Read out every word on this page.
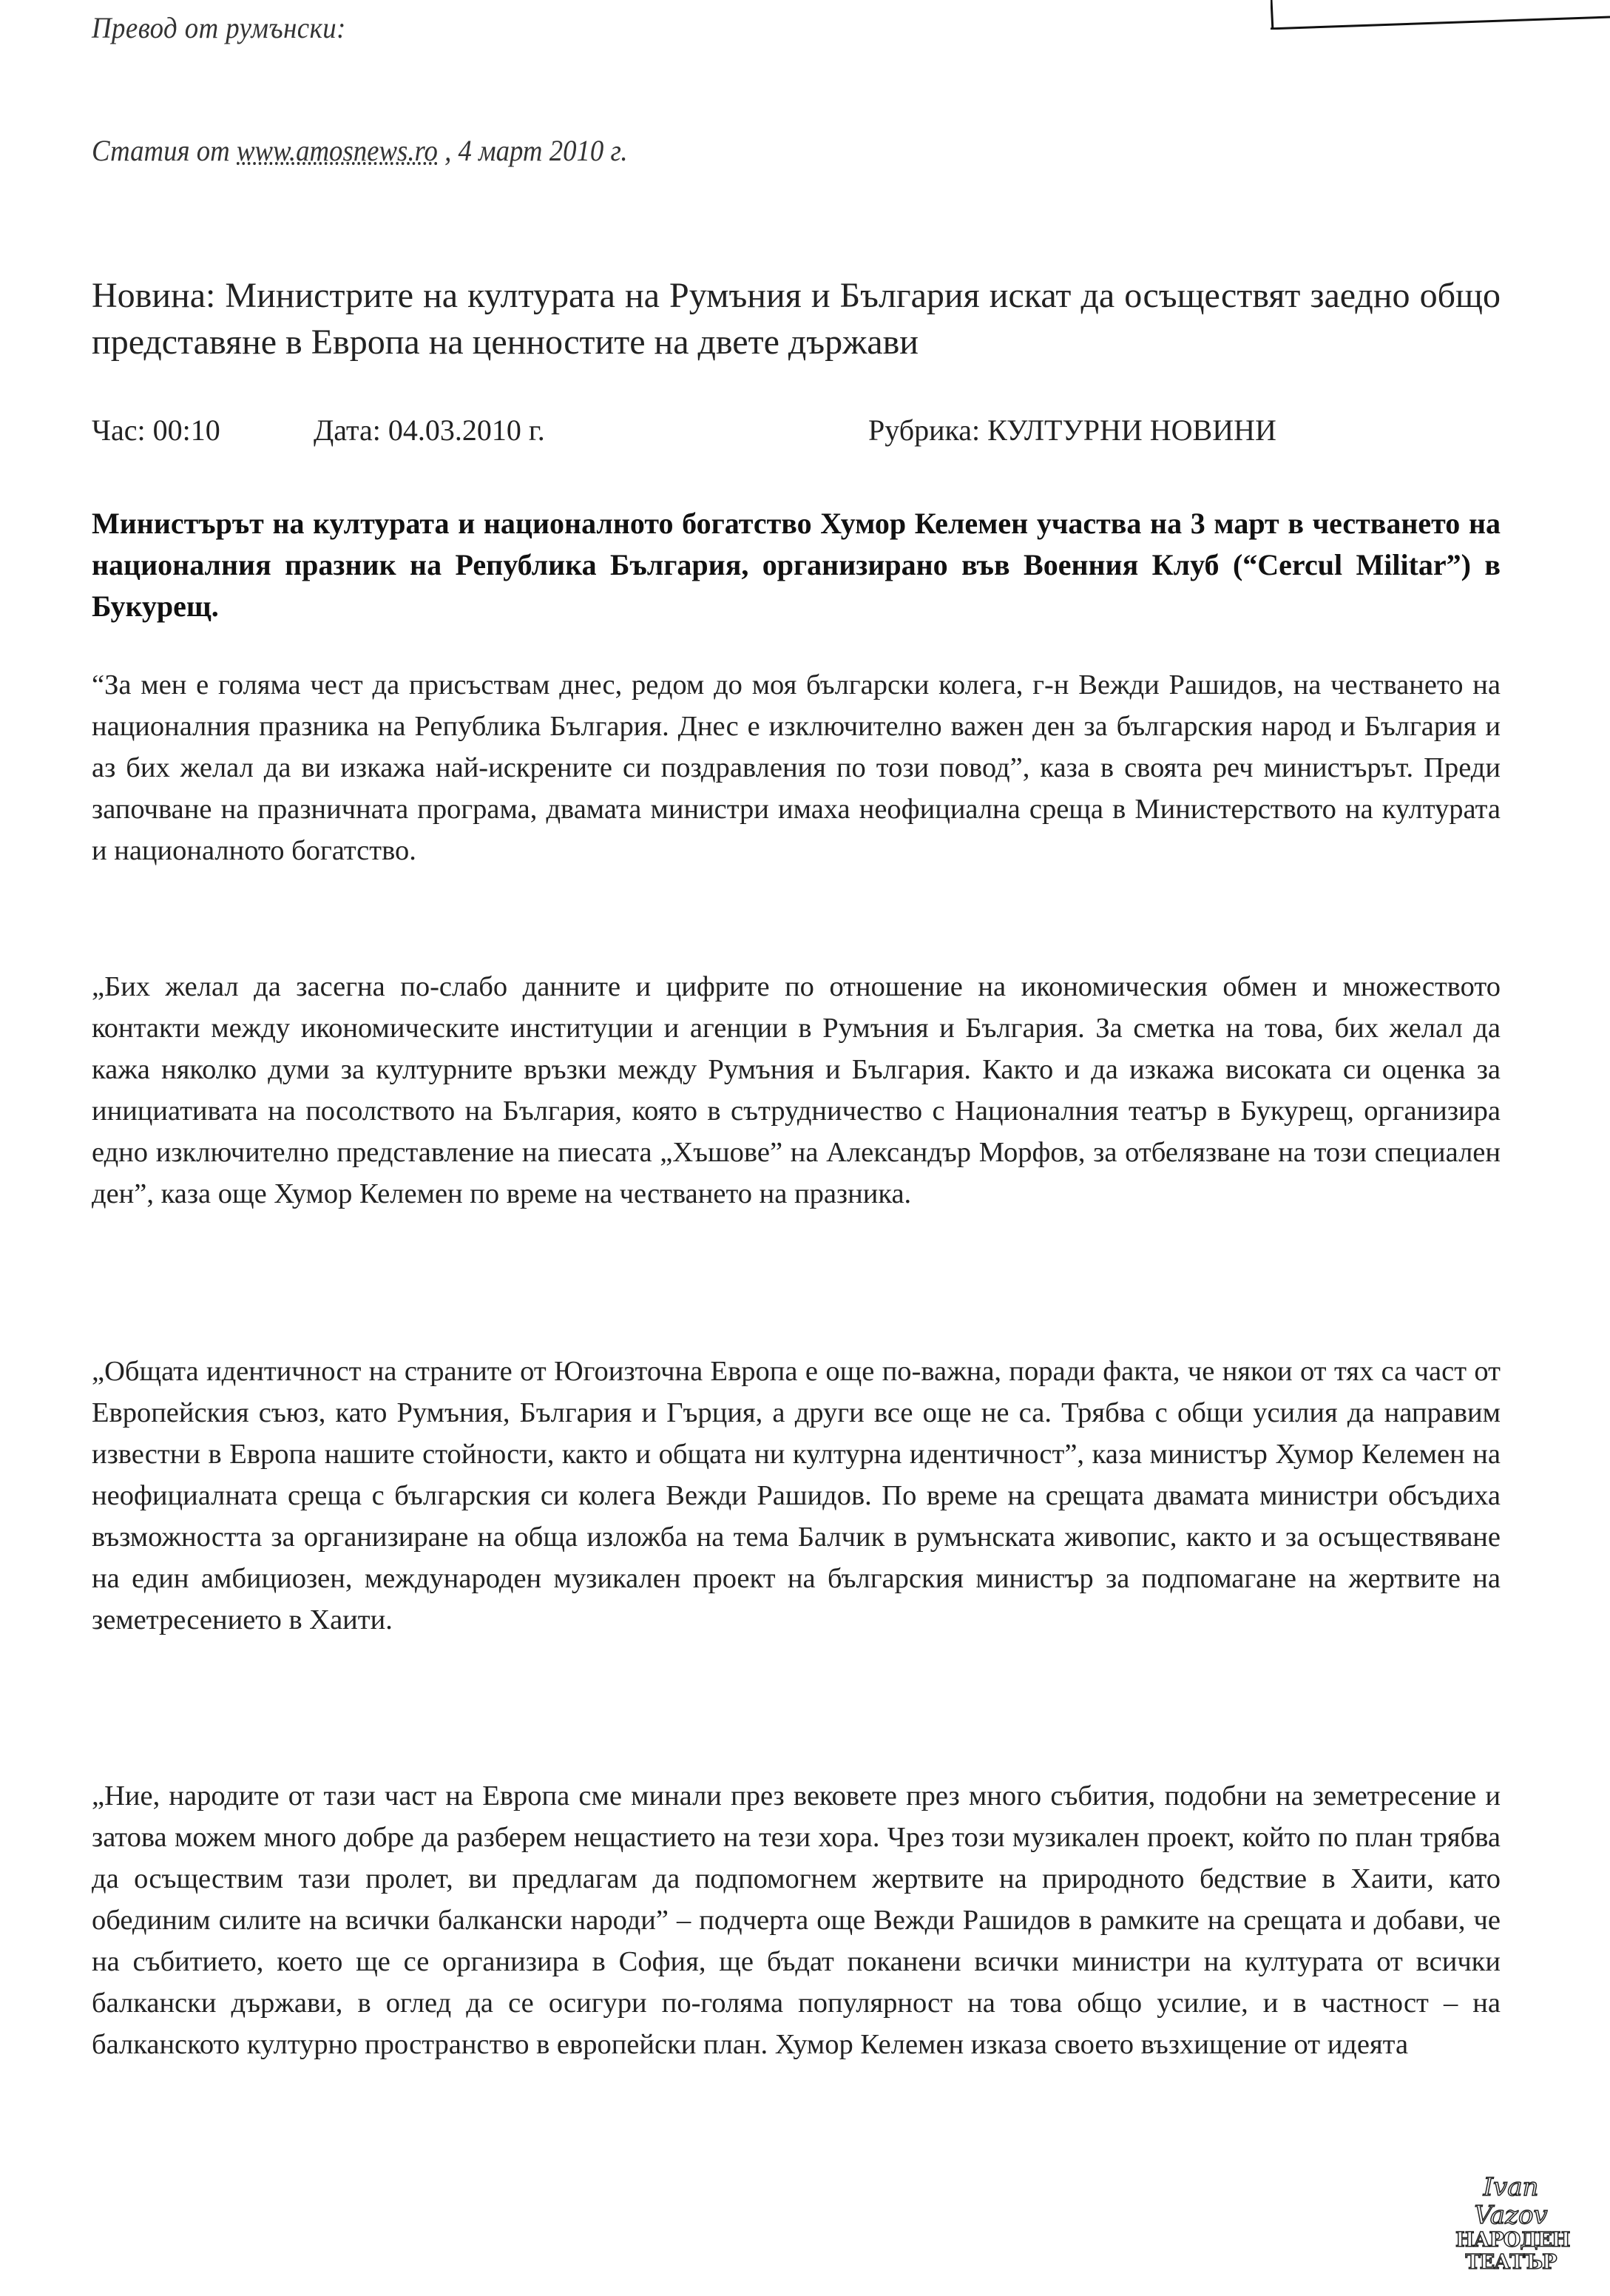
Превод от румънски:
Статия от www.amosnews.ro , 4 март 2010 г.
Новина: Министрите на културата на Румъния и България искат да осъществят заедно общо представяне в Европа на ценностите на двете държави
Час: 00:10	Дата: 04.03.2010 г.	Рубрика: КУЛТУРНИ НОВИНИ
Министърът на културата и националното богатство Хумор Келемен участва на 3 март в честването на националния празник на Република България, организирано във Военния Клуб (“Cercul Militar”) в Букурещ.

“За мен е голяма чест да присъствам днес, редом до моя български колега, г-н Вежди Рашидов, на честването на националния празника на Република България. Днес е изключително важен ден за българския народ и България и аз бих желал да ви изкажа най-искрените си поздравления по този повод”, каза в своята реч министърът. Преди започване на празничната програма, двамата министри имаха неофициална среща в Министерството на културата и националното богатство.

„Бих желал да засегна по-слабо данните и цифрите по отношение на икономическия обмен и множеството контакти между икономическите институции и агенции в Румъния и България. За сметка на това, бих желал да кажа няколко думи за културните връзки между Румъния и България. Както и да изкажа високата си оценка за инициативата на посолството на България, която в сътрудничество с Националния театър в Букурещ, организира едно изключително представление на пиесата „Хъшове” на Александър Морфов, за отбелязване на този специален ден”, каза още Хумор Келемен по време на честването на празника.

„Общата идентичност на страните от Югоизточна Европа е още по-важна, поради факта, че някои от тях са част от Европейския съюз, като Румъния, България и Гърция, а други все още не са. Трябва с общи усилия да направим известни в Европа нашите стойности, както и общата ни културна идентичност”, каза министър Хумор Келемен на неофициалната среща с българския си колега Вежди Рашидов. По време на срещата двамата министри обсъдиха възможността за организиране на обща изложба на тема Балчик в румънската живопис, както и за осъществяване на един амбициозен, международен музикален проект на българския министър за подпомагане на жертвите на земетресението в Хаити.

„Ние, народите от тази част на Европа сме минали през вековете през много събития, подобни на земетресение и затова можем много добре да разберем нещастието на тези хора. Чрез този музикален проект, който по план трябва да осъществим тази пролет, ви предлагам да подпомогнем жертвите на природното бедствие в Хаити, като обединим силите на всички балкански народи” – подчерта още Вежди Рашидов в рамките на срещата и добави, че на събитието, което ще се организира в София, ще бъдат поканени всички министри на културата от всички балкански държави, в оглед да се осигури по-голяма популярност на това общо усилие, и в частност – на балканското културно пространство в европейски план. Хумор Келемен изказа своето възхищение от идеята

Ivan Vazov
НАРОДЕН
ТЕАТЪР
